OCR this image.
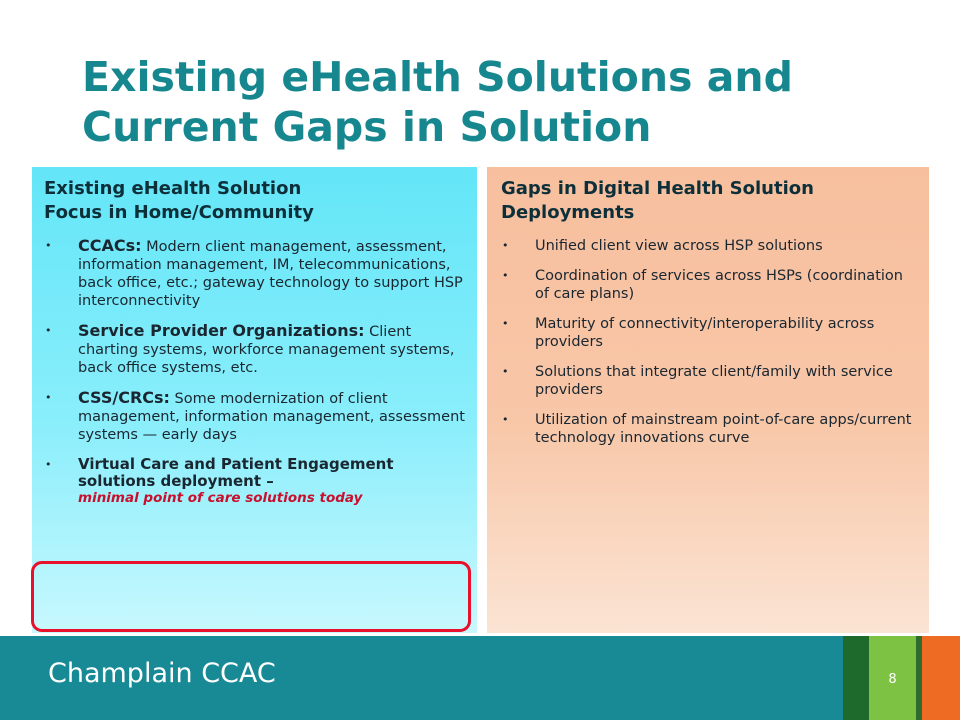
Existing eHealth Solutions and
Current Gaps in Solution
Existing eHealth Solution
Focus in Home/Community
• CCACs: Modern client management, assessment, information management, IM, telecommunications, back office, etc.; gateway technology to support HSP interconnectivity
• Service Provider Organizations: Client charting systems, workforce management systems, back office systems, etc.
• CSS/CRCs: Some modernization of client management, information management, assessment systems — early days
• Virtual Care and Patient Engagement solutions deployment –
minimal point of care solutions today
Gaps in Digital Health Solution
Deployments
• Unified client view across HSP solutions
• Coordination of services across HSPs (coordination of care plans)
• Maturity of connectivity/interoperability across providers
• Solutions that integrate client/family with service providers
• Utilization of mainstream point-of-care apps/current technology innovations curve
Champlain CCAC	8
